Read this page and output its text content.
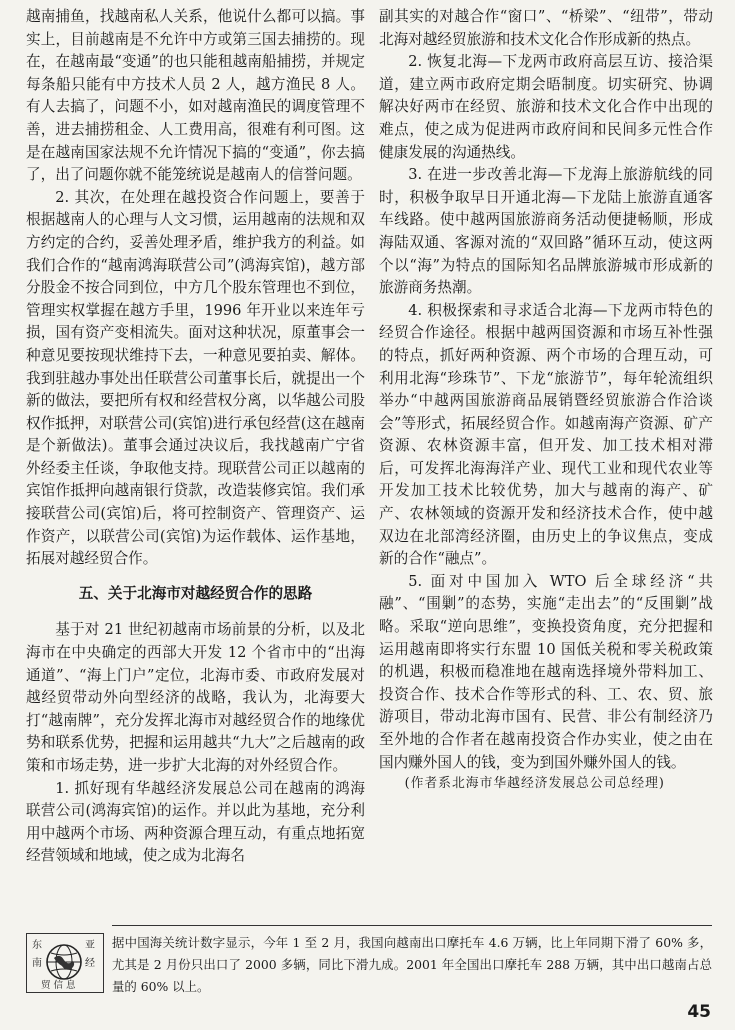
越南捕鱼，找越南私人关系，他说什么都可以搞。事实上，目前越南是不允许中方或第三国去捕捞的。现在，在越南最“变通”的也只能租越南船捕捞，并规定每条船只能有中方技术人员 2 人，越方渔民 8 人。有人去搞了，问题不小，如对越南渔民的调度管理不善，进去捕捞租金、人工费用高，很难有利可图。这是在越南国家法规不允许情况下搞的“变通”，你去搞了，出了问题你就不能笼统说是越南人的信誉问题。

2. 其次，在处理在越投资合作问题上，要善于根据越南人的心理与人文习惯，运用越南的法规和双方约定的合约，妥善处理矛盾，维护我方的利益。如我们合作的“越南鸿海联营公司”(鸿海宾馆)，越方部分股金不按合同到位，中方几个股东管理也不到位，管理实权掌握在越方手里，1996 年开业以来连年亏损，国有资产变相流失。面对这种状况，原董事会一种意见要按现状维持下去，一种意见要拍卖、解体。我到驻越办事处出任联营公司董事长后，就提出一个新的做法，要把所有权和经营权分离，以华越公司股权作抵押，对联营公司(宾馆)进行承包经营(这在越南是个新做法)。董事会通过决议后，我找越南广宁省外经委主任谈，争取他支持。现联营公司正以越南的宾馆作抵押向越南银行贷款，改造装修宾馆。我们承接联营公司(宾馆)后，将可控制资产、管理资产、运作资产，以联营公司(宾馆)为运作载体、运作基地，拓展对越经贸合作。

五、关于北海市对越经贸合作的思路

基于对 21 世纪初越南市场前景的分析，以及北海市在中央确定的西部大开发 12 个省市中的“出海通道”、“海上门户”定位，北海市委、市政府发展对越经贸带动外向型经济的战略，我认为，北海要大打“越南牌”，充分发挥北海市对越经贸合作的地缘优势和联系优势，把握和运用越共“九大”之后越南的政策和市场走势，进一步扩大北海的对外经贸合作。

1. 抓好现有华越经济发展总公司在越南的鸿海联营公司(鸿海宾馆)的运作。并以此为基地，充分利用中越两个市场、两种资源合理互动，有重点地拓宽经营领域和地域，使之成为北海名

副其实的对越合作“窗口”、“桥梁”、“纽带”，带动北海对越经贸旅游和技术文化合作形成新的热点。

2. 恢复北海—下龙两市政府高层互访、接洽渠道，建立两市政府定期会晤制度。切实研究、协调解决好两市在经贸、旅游和技术文化合作中出现的难点，使之成为促进两市政府间和民间多元性合作健康发展的沟通热线。

3. 在进一步改善北海—下龙海上旅游航线的同时，积极争取早日开通北海—下龙陆上旅游直通客车线路。使中越两国旅游商务活动便捷畅顺，形成海陆双通、客源对流的“双回路”循环互动，使这两个以“海”为特点的国际知名品牌旅游城市形成新的旅游商务热潮。

4. 积极探索和寻求适合北海—下龙两市特色的经贸合作途径。根据中越两国资源和市场互补性强的特点，抓好两种资源、两个市场的合理互动，可利用北海“珍珠节”、下龙“旅游节”，每年轮流组织举办“中越两国旅游商品展销暨经贸旅游合作洽谈会”等形式，拓展经贸合作。如越南海产资源、矿产资源、农林资源丰富，但开发、加工技术相对滞后，可发挥北海海洋产业、现代工业和现代农业等开发加工技术比较优势，加大与越南的海产、矿产、农林领域的资源开发和经济技术合作，使中越双边在北部湾经济圈，由历史上的争议焦点，变成新的合作“融点”。

5. 面对中国加入 WTO 后全球经济“共融”、“围剿”的态势，实施“走出去”的“反围剿”战略。采取“逆向思维”，变换投资角度，充分把握和运用越南即将实行东盟 10 国低关税和零关税政策的机遇，积极而稳准地在越南选择境外带料加工、投资合作、技术合作等形式的科、工、农、贸、旅游项目，带动北海市国有、民营、非公有制经济乃至外地的合作者在越南投资合作办实业，使之由在国内赚外国人的钱，变为到国外赚外国人的钱。

(作者系北海市华越经济发展总公司总经理)

东
南
亚
经
贸 信 息
据中国海关统计数字显示，今年 1 至 2 月，我国向越南出口摩托车 4.6 万辆，比上年同期下滑了 60% 多，尤其是 2 月份只出口了 2000 多辆，同比下滑九成。2001 年全国出口摩托车 288 万辆，其中出口越南占总量的 60% 以上。
45
